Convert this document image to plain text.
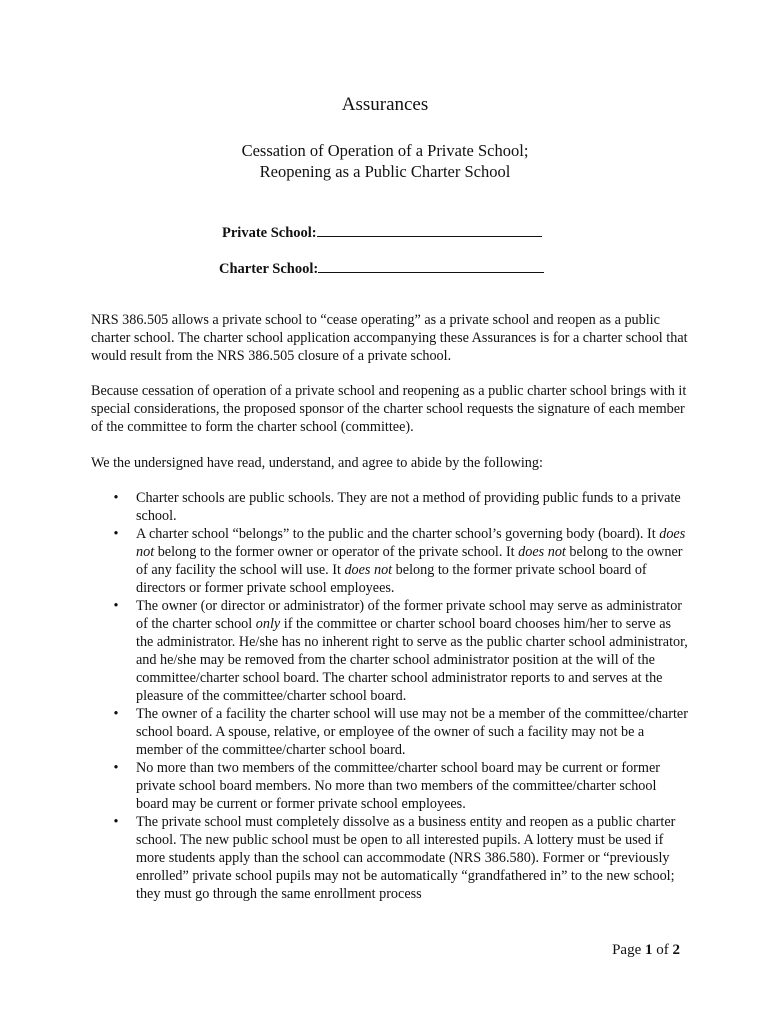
Assurances
Cessation of Operation of a Private School;
Reopening as a Public Charter School
Private School:
Charter School:

NRS 386.505 allows a private school to “cease operating” as a private school and reopen as a public charter school. The charter school application accompanying these Assurances is for a charter school that would result from the NRS 386.505 closure of a private school.

Because cessation of operation of a private school and reopening as a public charter school brings with it special considerations, the proposed sponsor of the charter school requests the signature of each member of the committee to form the charter school (committee).

We the undersigned have read, understand, and agree to abide by the following:

• Charter schools are public schools. They are not a method of providing public funds to a private school.
• A charter school “belongs” to the public and the charter school’s governing body (board). It does not belong to the former owner or operator of the private school. It does not belong to the owner of any facility the school will use. It does not belong to the former private school board of directors or former private school employees.
• The owner (or director or administrator) of the former private school may serve as administrator of the charter school only if the committee or charter school board chooses him/her to serve as the administrator. He/she has no inherent right to serve as the public charter school administrator, and he/she may be removed from the charter school administrator position at the will of the committee/charter school board. The charter school administrator reports to and serves at the pleasure of the committee/charter school board.
• The owner of a facility the charter school will use may not be a member of the committee/charter school board. A spouse, relative, or employee of the owner of such a facility may not be a member of the committee/charter school board.
• No more than two members of the committee/charter school board may be current or former private school board members. No more than two members of the committee/charter school board may be current or former private school employees.
• The private school must completely dissolve as a business entity and reopen as a public charter school. The new public school must be open to all interested pupils. A lottery must be used if more students apply than the school can accommodate (NRS 386.580). Former or “previously enrolled” private school pupils may not be automatically “grandfathered in” to the new school; they must go through the same enrollment process
Page 1 of 2
